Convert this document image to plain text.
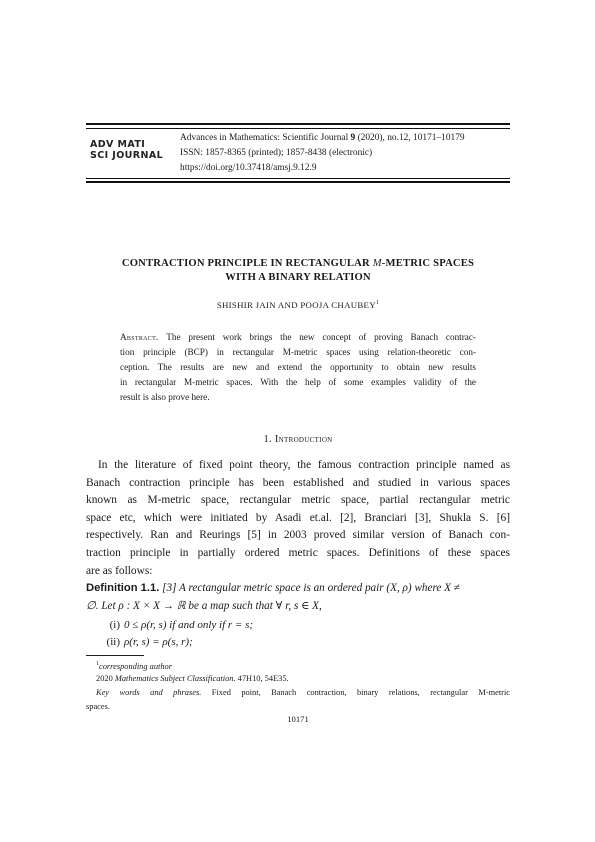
ADV MATI
SCI JOURNAL
Advances in Mathematics: Scientific Journal 9 (2020), no.12, 10171–10179
ISSN: 1857-8365 (printed); 1857-8438 (electronic)
https://doi.org/10.37418/amsj.9.12.9
CONTRACTION PRINCIPLE IN RECTANGULAR M-METRIC SPACES
WITH A BINARY RELATION
SHISHIR JAIN AND POOJA CHAUBEY$^1$
Abstract. The present work brings the new concept of proving Banach contrac-
tion principle (BCP) in rectangular M-metric spaces using relation-theoretic con-
ception. The results are new and extend the opportunity to obtain new results
in rectangular M-metric spaces. With the help of some examples validity of the
result is also prove here.
1. Introduction
In the literature of fixed point theory, the famous contraction principle named as
Banach contraction principle has been established and studied in various spaces
known as M-metric space, rectangular metric space, partial rectangular metric
space etc, which were initiated by Asadi et.al. [2], Branciari [3], Shukla S. [6]
respectively. Ran and Reurings [5] in 2003 proved similar version of Banach con-
traction principle in partially ordered metric spaces. Definitions of these spaces
are as follows:
Definition 1.1. [3] A rectangular metric space is an ordered pair (X, ρ) where X ≠
∅. Let ρ : X × X → ℝ be a map such that ∀ r, s ∈ X,
(i) 0 ≤ ρ(r, s) if and only if r = s;
(ii) ρ(r, s) = ρ(s, r);
$^1$corresponding author
2020 Mathematics Subject Classification. 47H10, 54E35.
Key words and phrases. Fixed point, Banach contraction, binary relations, rectangular M-metric
spaces.
10171
